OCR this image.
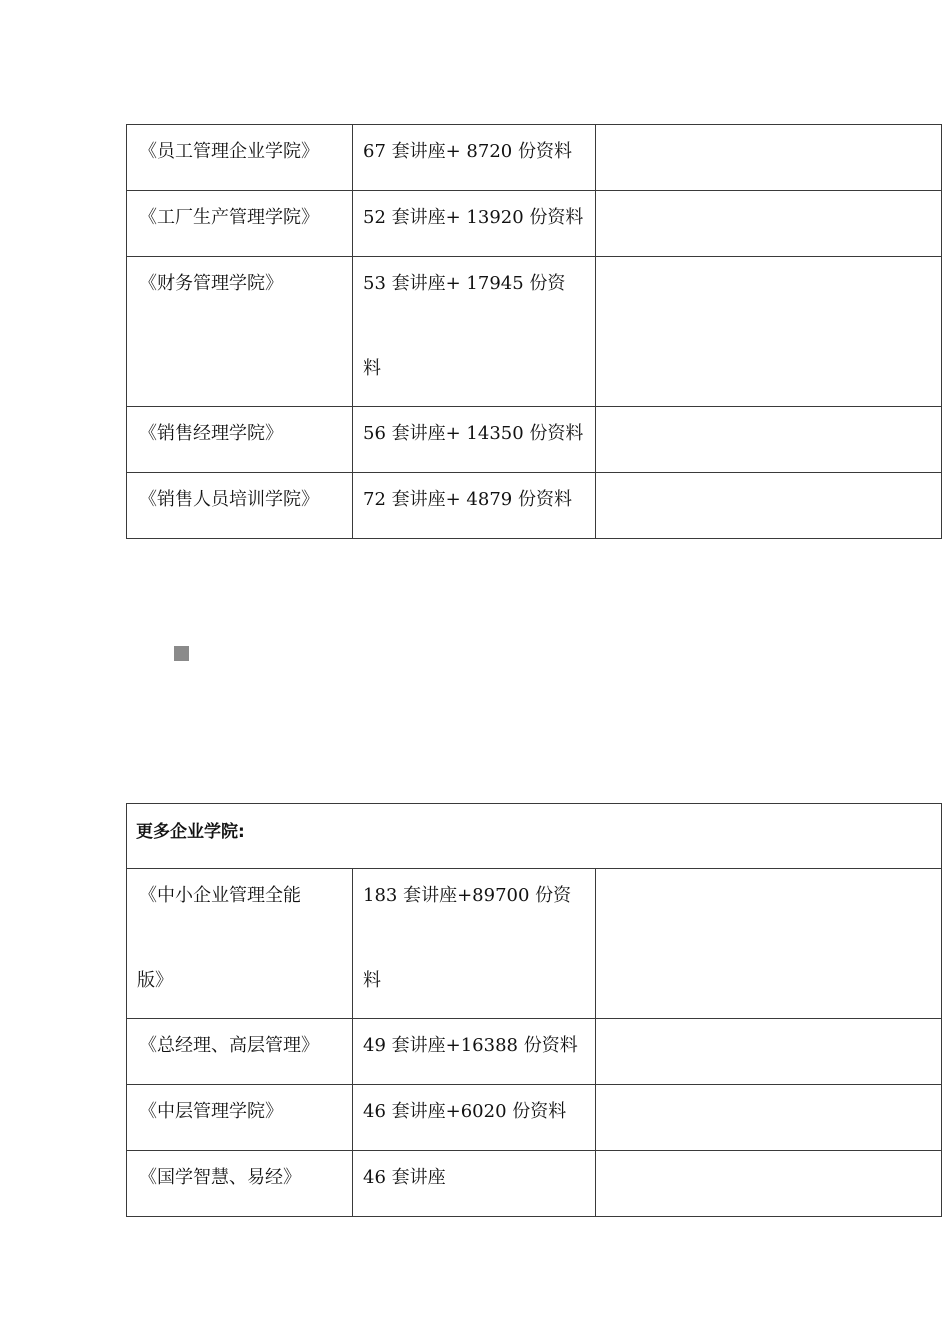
《员工管理企业学院》	67 套讲座+ 8720 份资料	

《工厂生产管理学院》	52 套讲座+ 13920 份资料	

《财务管理学院》	53 套讲座+ 17945 份资
料	

《销售经理学院》	56 套讲座+ 14350 份资料	

《销售人员培训学院》	72 套讲座+ 4879 份资料	

更多企业学院:		

《中小企业管理全能
版》	183 套讲座+89700 份资
料	

《总经理、高层管理》	49 套讲座+16388 份资料	

《中层管理学院》	46 套讲座+6020 份资料	

《国学智慧、易经》	46 套讲座	
